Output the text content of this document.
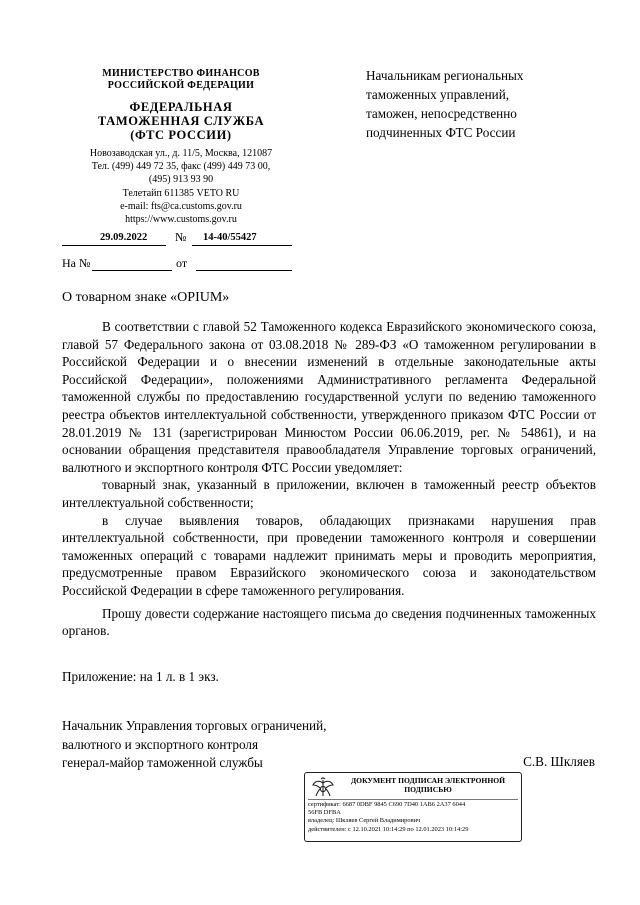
МИНИСТЕРСТВО ФИНАНСОВ
РОССИЙСКОЙ ФЕДЕРАЦИИ
ФЕДЕРАЛЬНАЯ
ТАМОЖЕННАЯ СЛУЖБА
(ФТС РОССИИ)
Новозаводская ул., д. 11/5, Москва, 121087
Тел. (499) 449 72 35, факс (499) 449 73 00,
(495) 913 93 90
Телетайп 611385 VETO RU
e-mail: fts@ca.customs.gov.ru
https://www.customs.gov.ru
29.09.2022 № 14-40/55427
На №	от
Начальникам региональных
таможенных управлений,
таможен, непосредственно
подчиненных ФТС России
О товарном знаке «OPIUM»

В соответствии с главой 52 Таможенного кодекса Евразийского экономического союза, главой 57 Федерального закона от 03.08.2018 № 289-ФЗ «О таможенном регулировании в Российской Федерации и о внесении изменений в отдельные законодательные акты Российской Федерации», положениями Административного регламента Федеральной таможенной службы по предоставлению государственной услуги по ведению таможенного реестра объектов интеллектуальной собственности, утвержденного приказом ФТС России от 28.01.2019 № 131 (зарегистрирован Минюстом России 06.06.2019, рег. № 54861), и на основании обращения представителя правообладателя Управление торговых ограничений, валютного и экспортного контроля ФТС России уведомляет:

товарный знак, указанный в приложении, включен в таможенный реестр объектов интеллектуальной собственности;

в случае выявления товаров, обладающих признаками нарушения прав интеллектуальной собственности, при проведении таможенного контроля и совершении таможенных операций с товарами надлежит принимать меры и проводить мероприятия, предусмотренные правом Евразийского экономического союза и законодательством Российской Федерации в сфере таможенного регулирования.

Прошу довести содержание настоящего письма до сведения подчиненных таможенных органов.

Приложение: на 1 л. в 1 экз.
Начальник Управления торговых ограничений,
валютного и экспортного контроля
генерал-майор таможенной службы	С.В. Шкляев
ДОКУМЕНТ ПОДПИСАН ЭЛЕКТРОННОЙ
ПОДПИСЬЮ
сертификат: 6687 0DBF 9845 C690 7D40 1AB6 2A37 6044
56FB DFBA
владелец: Шкляев Сергей Владимирович
действителен: с 12.10.2021 10:14:29 по 12.01.2023 10:14:29
